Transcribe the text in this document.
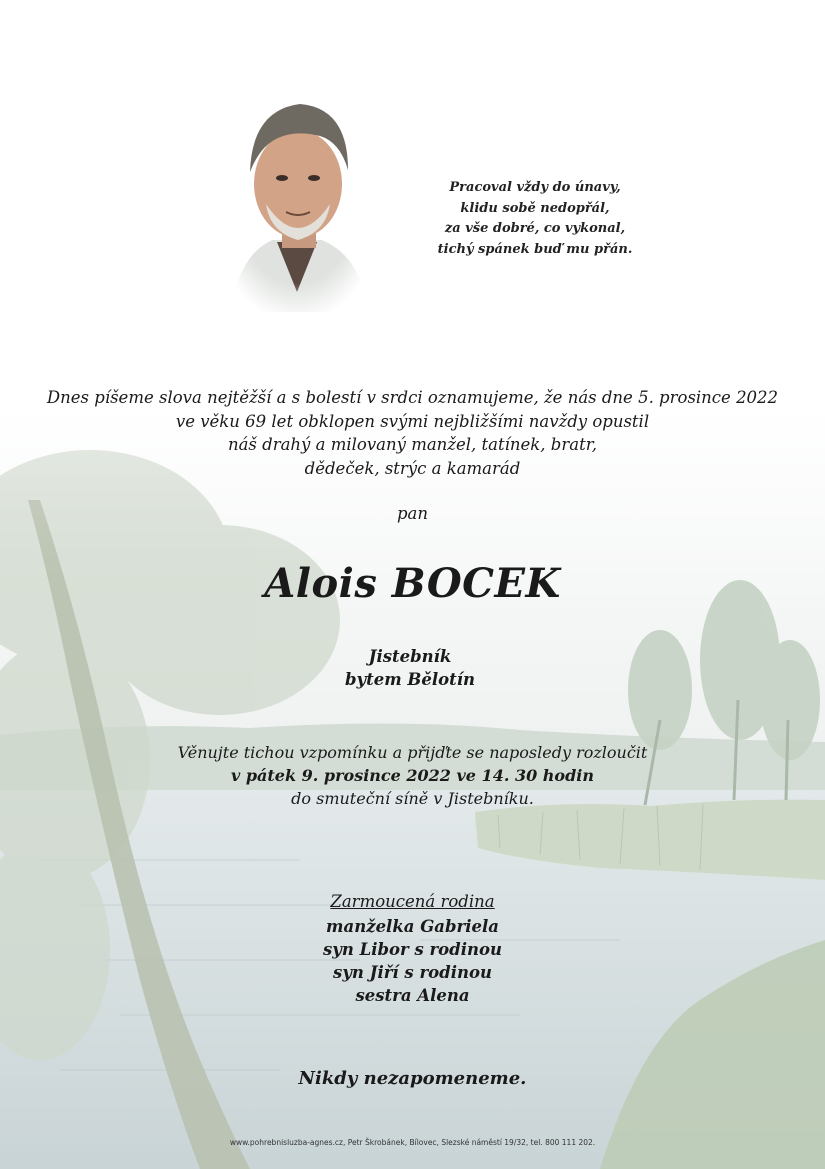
Pracoval vždy do únavy,
klidu sobě nedopřál,
za vše dobré, co vykonal,
tichý spánek buď mu přán.
Dnes píšeme slova nejtěžší a s bolestí v srdci oznamujeme, že nás dne 5. prosince 2022
ve věku 69 let obklopen svými nejbližšími navždy opustil
náš drahý a milovaný manžel, tatínek, bratr,
dědeček, strýc a kamarád
pan
Alois BOCEK
Jistebník
bytem Bělotín
Věnujte tichou vzpomínku a přijďte se naposledy rozloučit
v pátek 9. prosince 2022 ve 14. 30 hodin
do smuteční síně v Jistebníku.
Zarmoucená rodina
manželka Gabriela
syn Libor s rodinou
syn Jiří s rodinou
sestra Alena
Nikdy nezapomeneme.
www.pohrebnisluzba-agnes.cz, Petr Škrobánek, Bílovec, Slezské náměstí 19/32, tel. 800 111 202.
